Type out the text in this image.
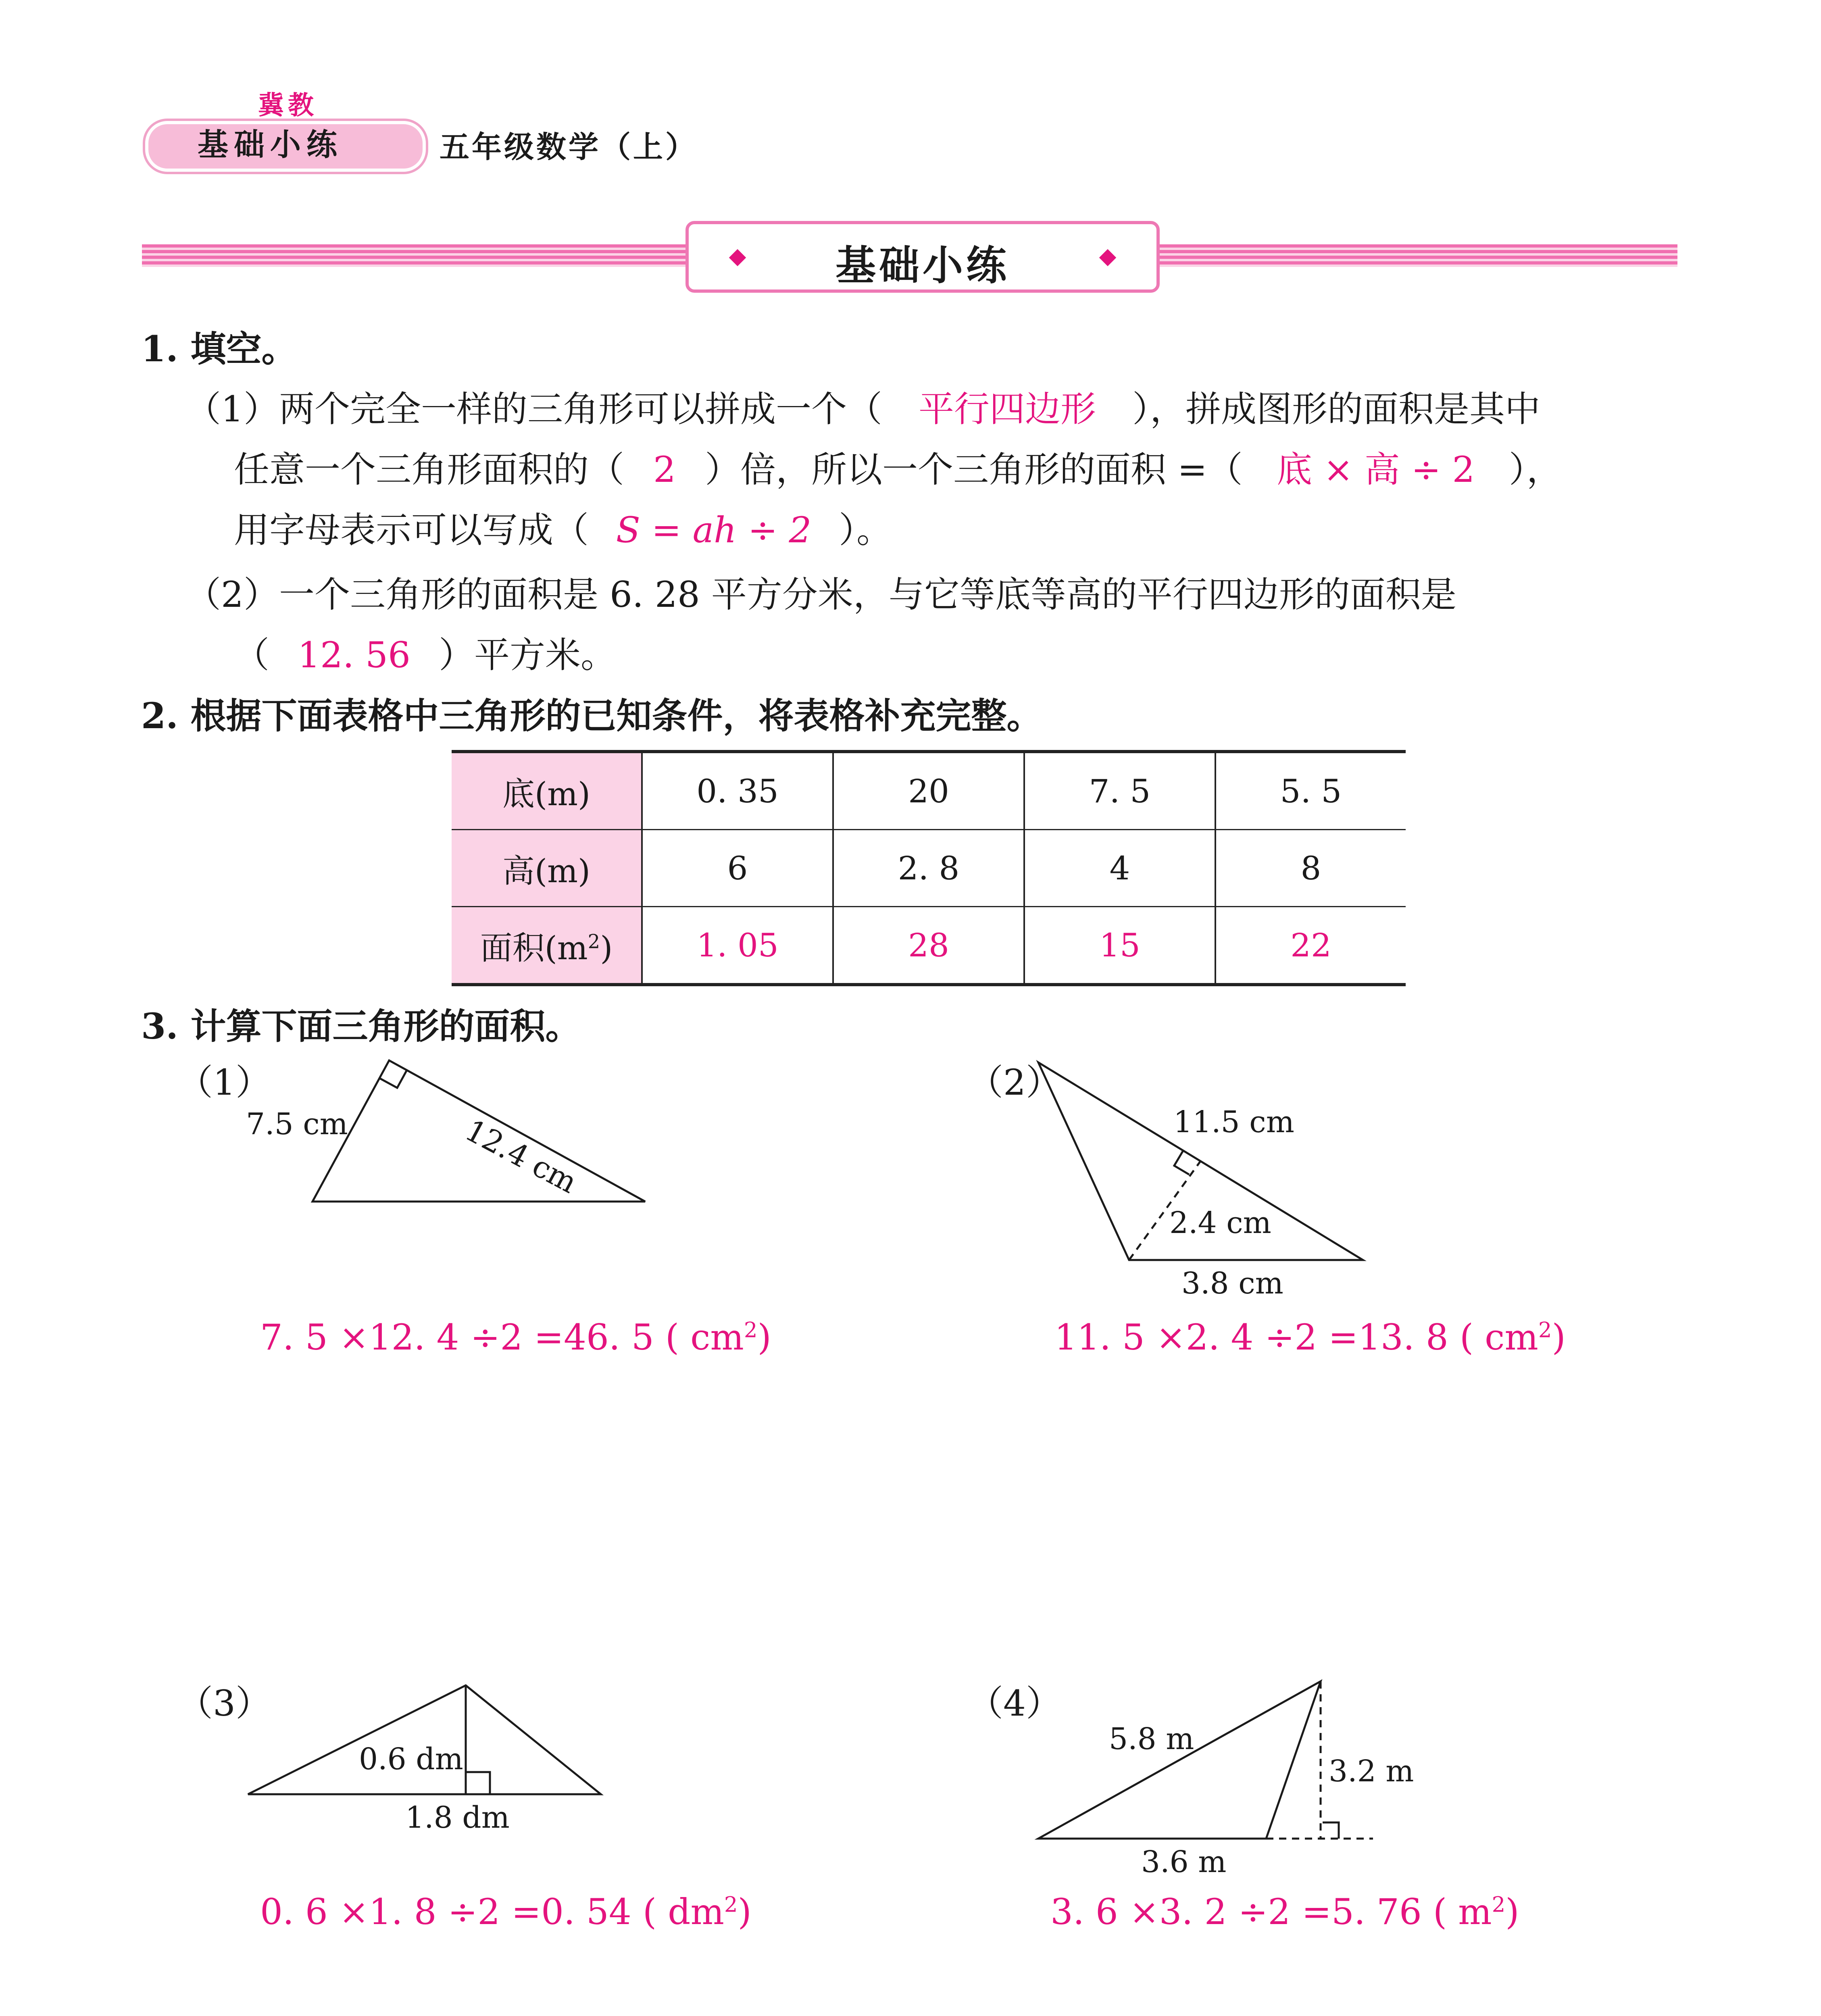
冀教
基础小练	五年级数学（上）
基础小练
1. 填空。
（1）两个完全一样的三角形可以拼成一个（ 平行四边形 ），拼成图形的面积是其中
任意一个三角形面积的（ 2 ）倍，所以一个三角形的面积 =（ 底 × 高 ÷ 2 ），
用字母表示可以写成（ S = ah ÷ 2 ）。
（2）一个三角形的面积是 6. 28 平方分米，与它等底等高的平行四边形的面积是
（ 12. 56 ）平方米。
2. 根据下面表格中三角形的已知条件，将表格补充完整。
底(m)	0. 35	20	7. 5	5. 5
高(m)	6	2. 8	4	8
面积$(m^2)$	1. 05	28	15	22
3. 计算下面三角形的面积。
（1）	（2）
（3）	（4）
7.5 cm	12.4 cm	11.5 cm
2.4 cm
3.8 cm
0.6 dm
1.8 dm
5.8 m
3.2 m
3.6 m
7. 5 ×12. 4 ÷2 =46. 5 ( $cm^2$)	11. 5 ×2. 4 ÷2 =13. 8 ( $cm^2$)
0. 6 ×1. 8 ÷2 =0. 54 ( $dm^2$)	3. 6 ×3. 2 ÷2 =5. 76 ( $m^2$)
